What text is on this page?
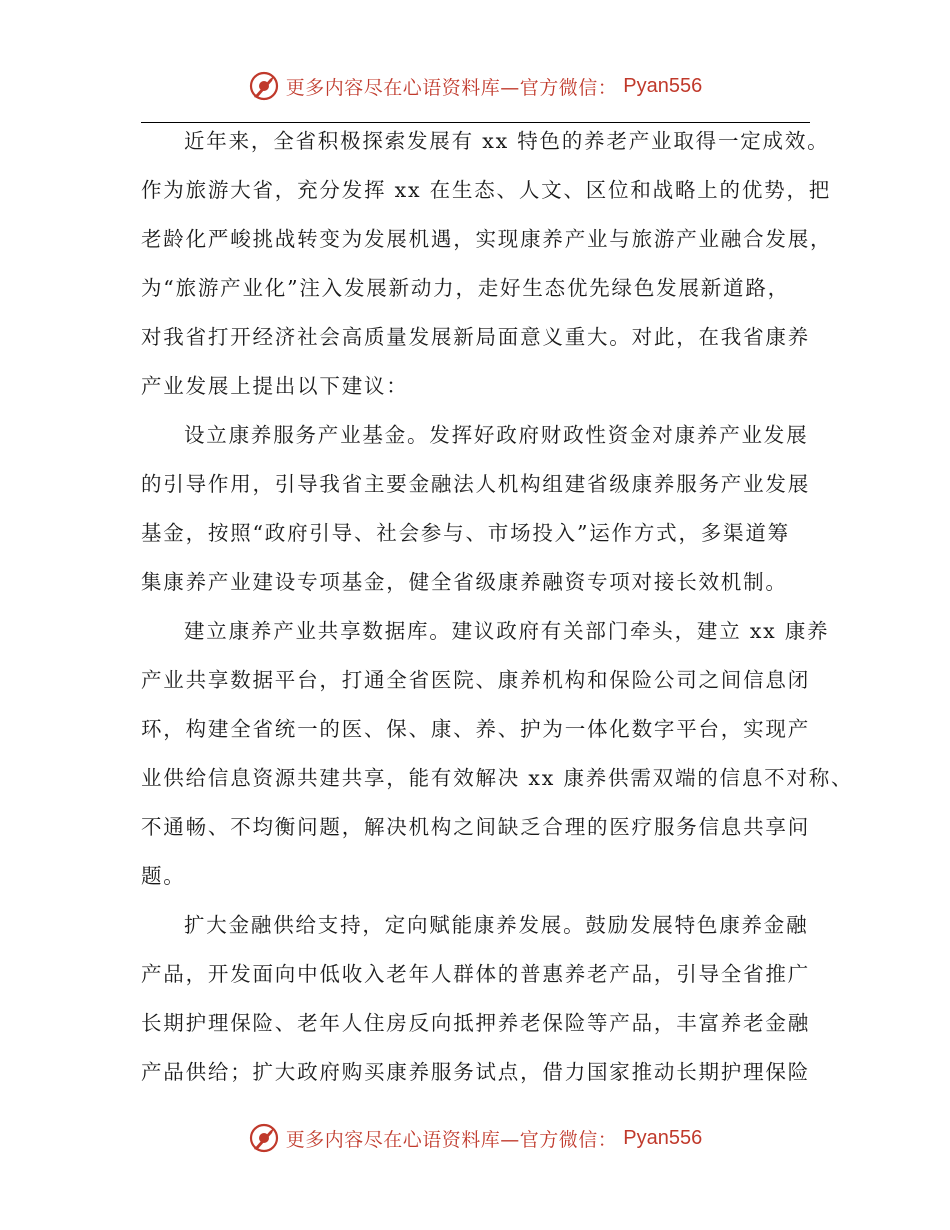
更多内容尽在心语资料库—官方微信： Pyan556
近年来，全省积极探索发展有 xx 特色的养老产业取得一定成效。
作为旅游大省，充分发挥 xx 在生态、人文、区位和战略上的优势，把
老龄化严峻挑战转变为发展机遇，实现康养产业与旅游产业融合发展，
为“旅游产业化”注入发展新动力，走好生态优先绿色发展新道路，
对我省打开经济社会高质量发展新局面意义重大。对此，在我省康养
产业发展上提出以下建议：
设立康养服务产业基金。发挥好政府财政性资金对康养产业发展
的引导作用，引导我省主要金融法人机构组建省级康养服务产业发展
基金，按照“政府引导、社会参与、市场投入”运作方式，多渠道筹
集康养产业建设专项基金，健全省级康养融资专项对接长效机制。
建立康养产业共享数据库。建议政府有关部门牵头，建立 xx 康养
产业共享数据平台，打通全省医院、康养机构和保险公司之间信息闭
环，构建全省统一的医、保、康、养、护为一体化数字平台，实现产
业供给信息资源共建共享，能有效解决 xx 康养供需双端的信息不对称、
不通畅、不均衡问题，解决机构之间缺乏合理的医疗服务信息共享问
题。
扩大金融供给支持，定向赋能康养发展。鼓励发展特色康养金融
产品，开发面向中低收入老年人群体的普惠养老产品，引导全省推广
长期护理保险、老年人住房反向抵押养老保险等产品，丰富养老金融
产品供给；扩大政府购买康养服务试点，借力国家推动长期护理保险
更多内容尽在心语资料库—官方微信： Pyan556
